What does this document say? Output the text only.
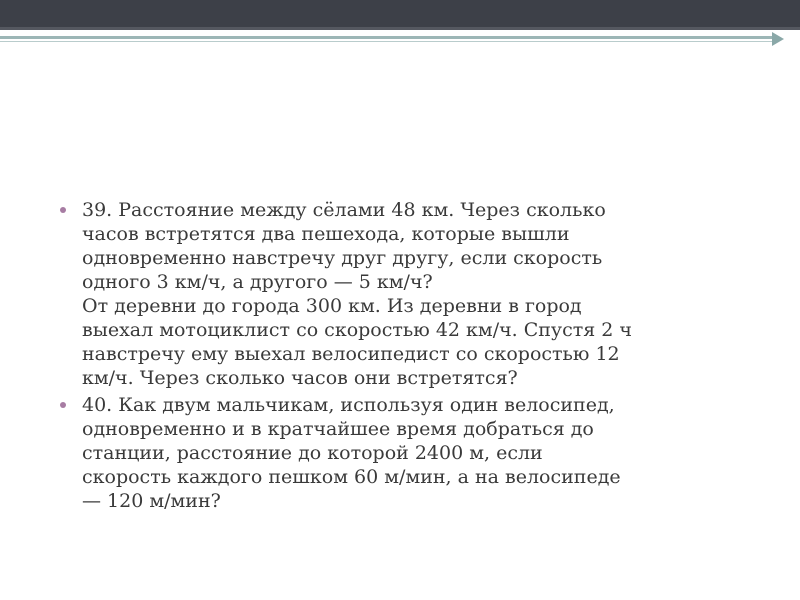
39. Расстояние между сёлами 48 км. Через сколько
часов встретятся два пешехода, которые вышли
одновременно навстречу друг другу, если скорость
одного 3 км/ч, а другого — 5 км/ч?
От деревни до города 300 км. Из деревни в город
выехал мотоциклист со скоростью 42 км/ч. Спустя 2 ч
навстречу ему выехал велосипедист со скоростью 12
км/ч. Через сколько часов они встретятся?
40. Как двум мальчикам, используя один велосипед,
одновременно и в кратчайшее время добраться до
станции, расстояние до которой 2400 м, если
скорость каждого пешком 60 м/мин, а на велосипеде
— 120 м/мин?
